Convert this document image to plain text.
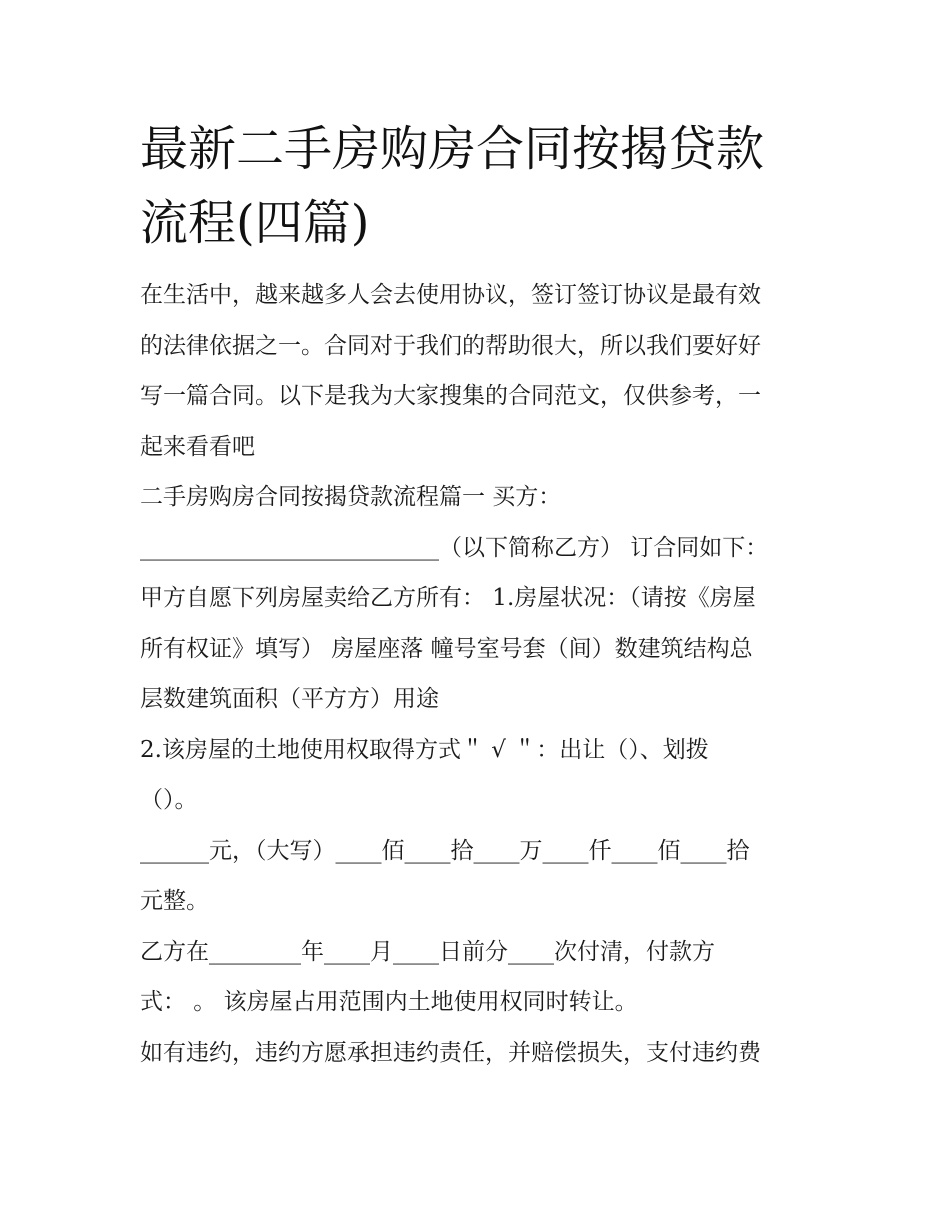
最新二手房购房合同按揭贷款
流程(四篇)
在生活中，越来越多人会去使用协议，签订签订协议是最有效
的法律依据之一。合同对于我们的帮助很大，所以我们要好好
写一篇合同。以下是我为大家搜集的合同范文，仅供参考，一
起来看看吧
二手房购房合同按揭贷款流程篇一 买方：
__________________________（以下简称乙方） 订合同如下：
甲方自愿下列房屋卖给乙方所有： 1.房屋状况：（请按《房屋
所有权证》填写） 房屋座落 幢号室号套（间）数建筑结构总
层数建筑面积（平方方）用途
2.该房屋的土地使用权取得方式＂ √ ＂：出让（）、划拨
（）。
______元，（大写）____佰____拾____万____仟____佰____拾
元整。
乙方在________年____月____日前分____次付清，付款方
式： 。 该房屋占用范围内土地使用权同时转让。
如有违约，违约方愿承担违约责任，并赔偿损失，支付违约费
